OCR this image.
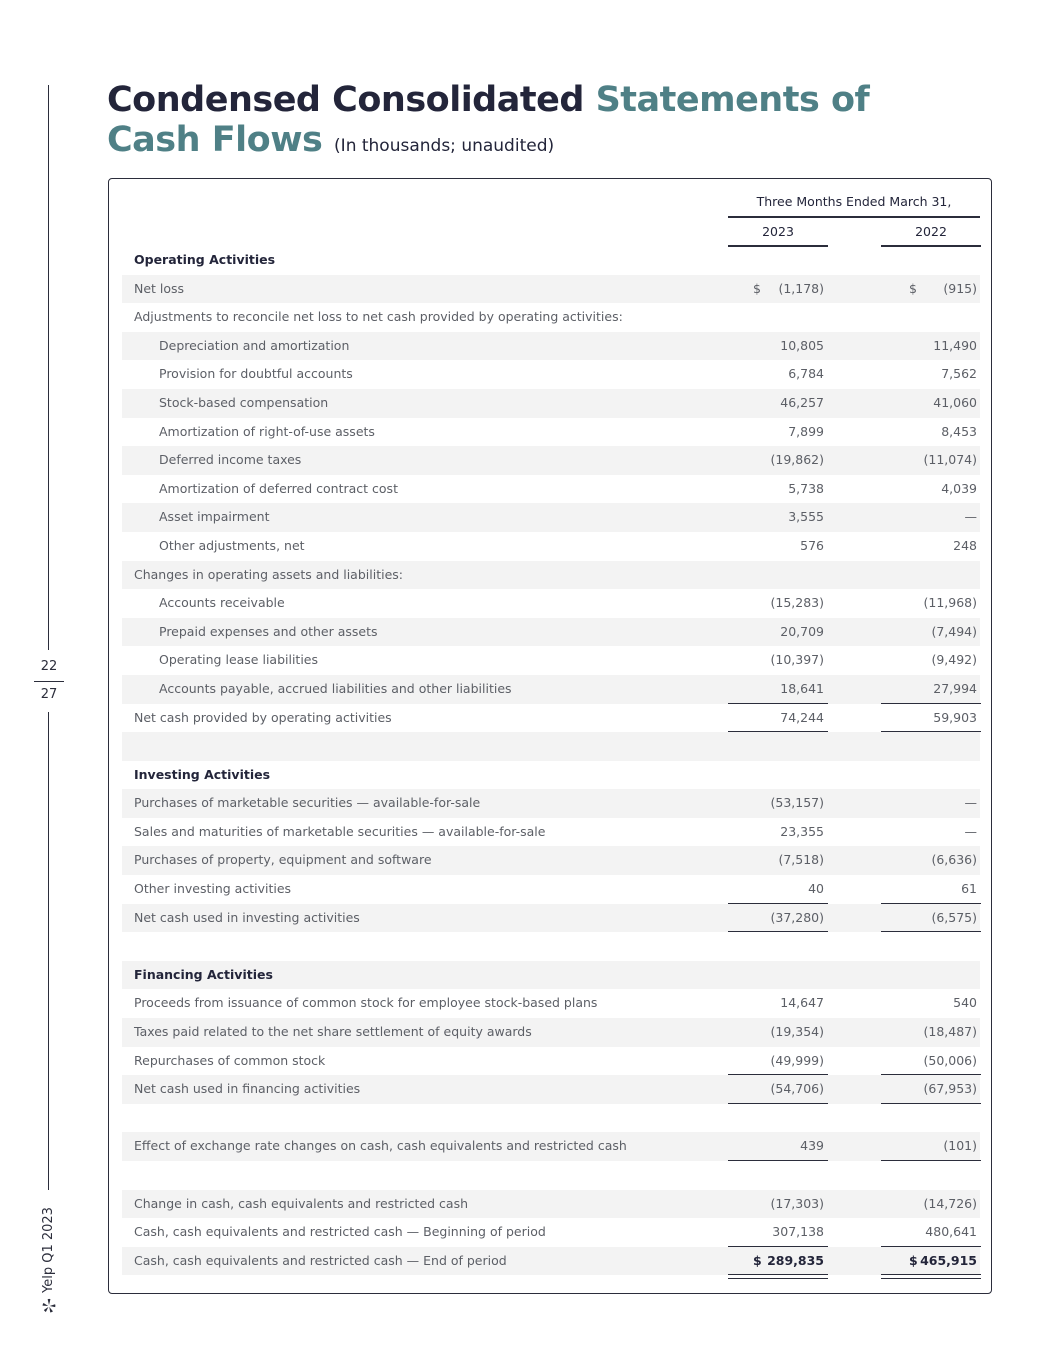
22
27
Yelp Q1 2023
Condensed Consolidated Statements of
Cash Flows (In thousands; unaudited)
Three Months Ended March 31,
2023	2022
Operating Activities
Net loss	$ (1,178)	$ (915)
Adjustments to reconcile net loss to net cash provided by operating activities:
Depreciation and amortization	10,805	11,490
Provision for doubtful accounts	6,784	7,562
Stock-based compensation	46,257	41,060
Amortization of right-of-use assets	7,899	8,453
Deferred income taxes	(19,862)	(11,074)
Amortization of deferred contract cost	5,738	4,039
Asset impairment	3,555	—
Other adjustments, net	576	248
Changes in operating assets and liabilities:
Accounts receivable	(15,283)	(11,968)
Prepaid expenses and other assets	20,709	(7,494)
Operating lease liabilities	(10,397)	(9,492)
Accounts payable, accrued liabilities and other liabilities	18,641	27,994
Net cash provided by operating activities	74,244	59,903
Investing Activities
Purchases of marketable securities — available-for-sale	(53,157)	—
Sales and maturities of marketable securities — available-for-sale	23,355	—
Purchases of property, equipment and software	(7,518)	(6,636)
Other investing activities	40	61
Net cash used in investing activities	(37,280)	(6,575)
Financing Activities
Proceeds from issuance of common stock for employee stock-based plans	14,647	540
Taxes paid related to the net share settlement of equity awards	(19,354)	(18,487)
Repurchases of common stock	(49,999)	(50,006)
Net cash used in financing activities	(54,706)	(67,953)
Effect of exchange rate changes on cash, cash equivalents and restricted cash	439	(101)
Change in cash, cash equivalents and restricted cash	(17,303)	(14,726)
Cash, cash equivalents and restricted cash — Beginning of period	307,138	480,641
Cash, cash equivalents and restricted cash — End of period	$ 289,835	$ 465,915
